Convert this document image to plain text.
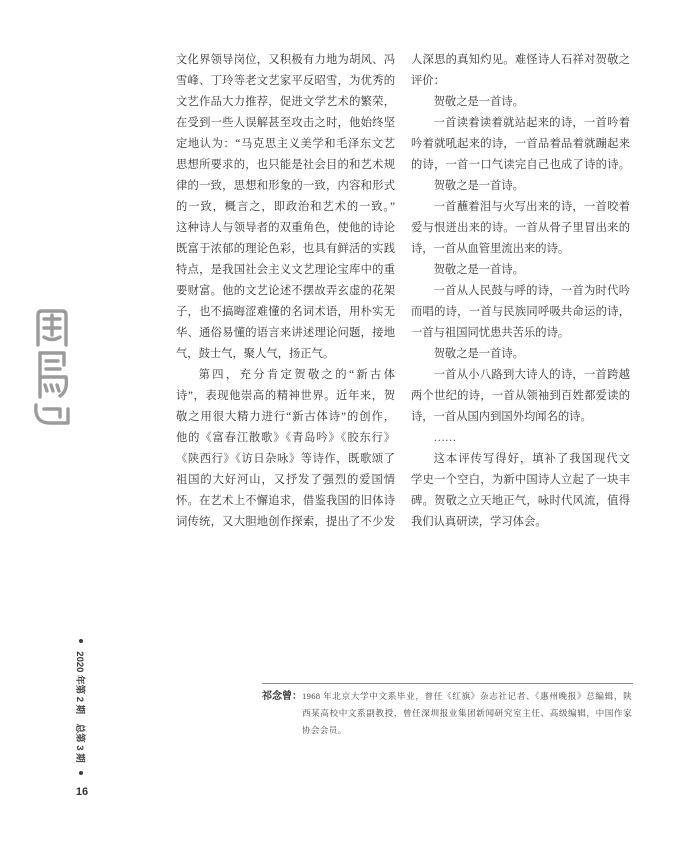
2020 年第 2 期　总第 3 期
16
文化界领导岗位，又积极有力地为胡风、冯
雪峰、丁玲等老文艺家平反昭雪，为优秀的
文艺作品大力推荐，促进文学艺术的繁荣，
在受到一些人误解甚至攻击之时，他始终坚
定地认为：“马克思主义美学和毛泽东文艺
思想所要求的，也只能是社会目的和艺术规
律的一致，思想和形象的一致，内容和形式
的一致，概言之，即政治和艺术的一致。”
这种诗人与领导者的双重角色，使他的诗论
既富于浓郁的理论色彩，也具有鲜活的实践
特点，是我国社会主义文艺理论宝库中的重
要财富。他的文艺论述不摆故弄玄虚的花架
子，也不搞晦涩难懂的名词术语，用朴实无
华、通俗易懂的语言来讲述理论问题，接地
气，鼓士气，聚人气，扬正气。
第四，充分肯定贺敬之的“新古体
诗”，表现他崇高的精神世界。近年来，贺
敬之用很大精力进行“新古体诗”的创作，
他的《富春江散歌》《青岛吟》《胶东行》
《陕西行》《访日杂咏》等诗作，既歌颂了
祖国的大好河山，又抒发了强烈的爱国情
怀。在艺术上不懈追求，借鉴我国的旧体诗
词传统，又大胆地创作探索，提出了不少发
人深思的真知灼见。难怪诗人石祥对贺敬之
评价：
贺敬之是一首诗。
一首读着读着就站起来的诗，一首吟着
吟着就吼起来的诗，一首品着品着就蹦起来
的诗，一首一口气读完自己也成了诗的诗。
贺敬之是一首诗。
一首蘸着泪与火写出来的诗，一首咬着
爱与恨迸出来的诗。一首从骨子里冒出来的
诗，一首从血管里流出来的诗。
贺敬之是一首诗。
一首从人民鼓与呼的诗，一首为时代吟
而唱的诗，一首与民族同呼吸共命运的诗，
一首与祖国同忧患共苦乐的诗。
贺敬之是一首诗。
一首从小八路到大诗人的诗，一首跨越
两个世纪的诗，一首从领袖到百姓都爱读的
诗，一首从国内到国外均闻名的诗。
……
这本评传写得好，填补了我国现代文
学史一个空白，为新中国诗人立起了一块丰
碑。贺敬之立天地正气，咏时代风流，值得
我们认真研读，学习体会。
祁念曾： 1968 年北京大学中文系毕业，曾任《红旗》杂志社记者、《惠州晚报》总编辑，陕
西某高校中文系副教授，曾任深圳报业集团新闻研究室主任、高级编辑，中国作家
协会会员。
